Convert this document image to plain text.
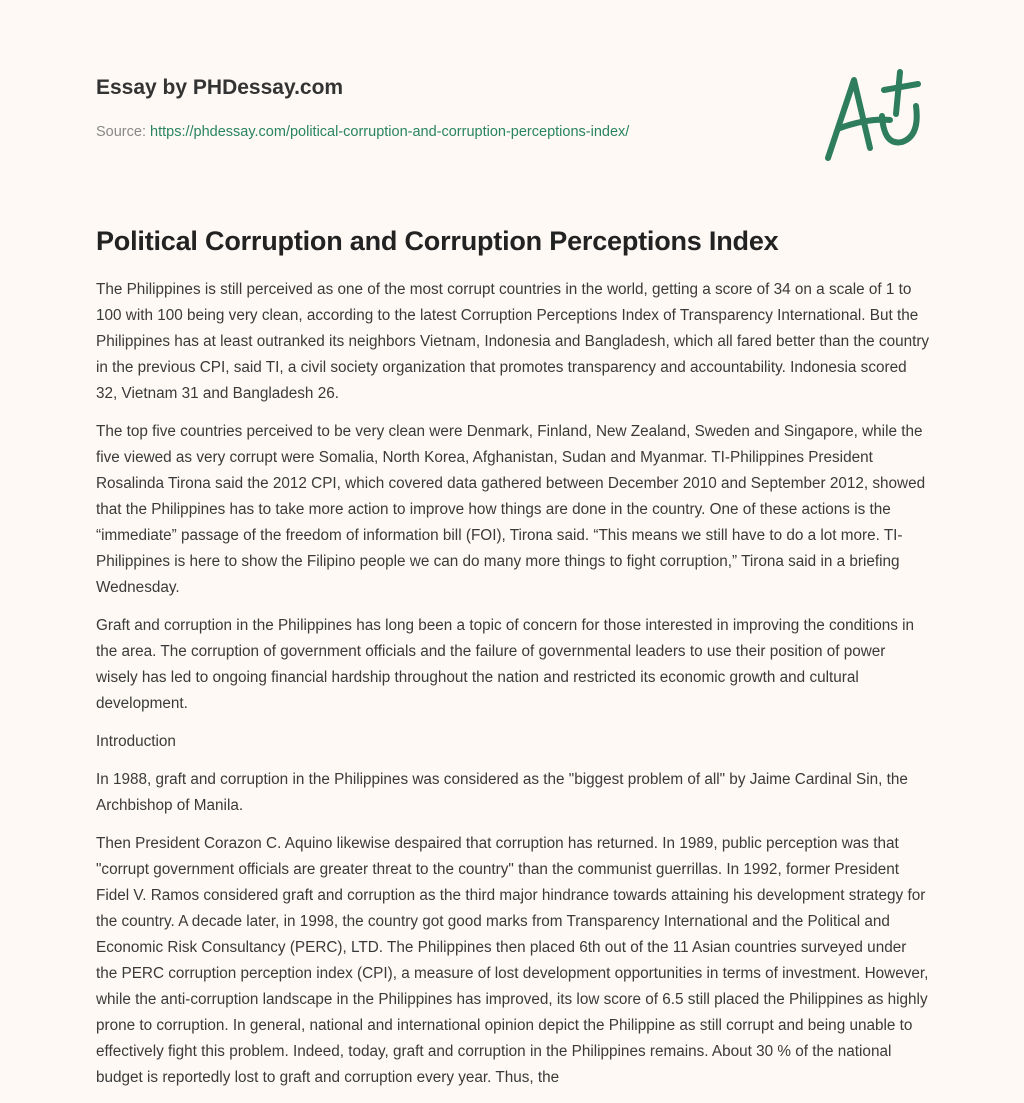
Essay by PHDessay.com
Source: https://phdessay.com/political-corruption-and-corruption-perceptions-index/
Political Corruption and Corruption Perceptions Index

The Philippines is still perceived as one of the most corrupt countries in the world, getting a score of 34 on a scale of 1 to 100 with 100 being very clean, according to the latest Corruption Perceptions Index of Transparency International. But the Philippines has at least outranked its neighbors Vietnam, Indonesia and Bangladesh, which all fared better than the country in the previous CPI, said TI, a civil society organization that promotes transparency and accountability. Indonesia scored 32, Vietnam 31 and Bangladesh 26.

The top five countries perceived to be very clean were Denmark, Finland, New Zealand, Sweden and Singapore, while the five viewed as very corrupt were Somalia, North Korea, Afghanistan, Sudan and Myanmar. TI-Philippines President Rosalinda Tirona said the 2012 CPI, which covered data gathered between December 2010 and September 2012, showed that the Philippines has to take more action to improve how things are done in the country. One of these actions is the “immediate” passage of the freedom of information bill (FOI), Tirona said. “This means we still have to do a lot more. TI-Philippines is here to show the Filipino people we can do many more things to fight corruption,” Tirona said in a briefing Wednesday.

Graft and corruption in the Philippines has long been a topic of concern for those interested in improving the conditions in the area. The corruption of government officials and the failure of governmental leaders to use their position of power wisely has led to ongoing financial hardship throughout the nation and restricted its economic growth and cultural development.

Introduction

In 1988, graft and corruption in the Philippines was considered as the "biggest problem of all" by Jaime Cardinal Sin, the Archbishop of Manila.

Then President Corazon C. Aquino likewise despaired that corruption has returned. In 1989, public perception was that "corrupt government officials are greater threat to the country" than the communist guerrillas. In 1992, former President Fidel V. Ramos considered graft and corruption as the third major hindrance towards attaining his development strategy for the country. A decade later, in 1998, the country got good marks from Transparency International and the Political and Economic Risk Consultancy (PERC), LTD. The Philippines then placed 6th out of the 11 Asian countries surveyed under the PERC corruption perception index (CPI), a measure of lost development opportunities in terms of investment. However, while the anti-corruption landscape in the Philippines has improved, its low score of 6.5 still placed the Philippines as highly prone to corruption. In general, national and international opinion depict the Philippine as still corrupt and being unable to effectively fight this problem. Indeed, today, graft and corruption in the Philippines remains. About 30 % of the national budget is reportedly lost to graft and corruption every year. Thus, the
